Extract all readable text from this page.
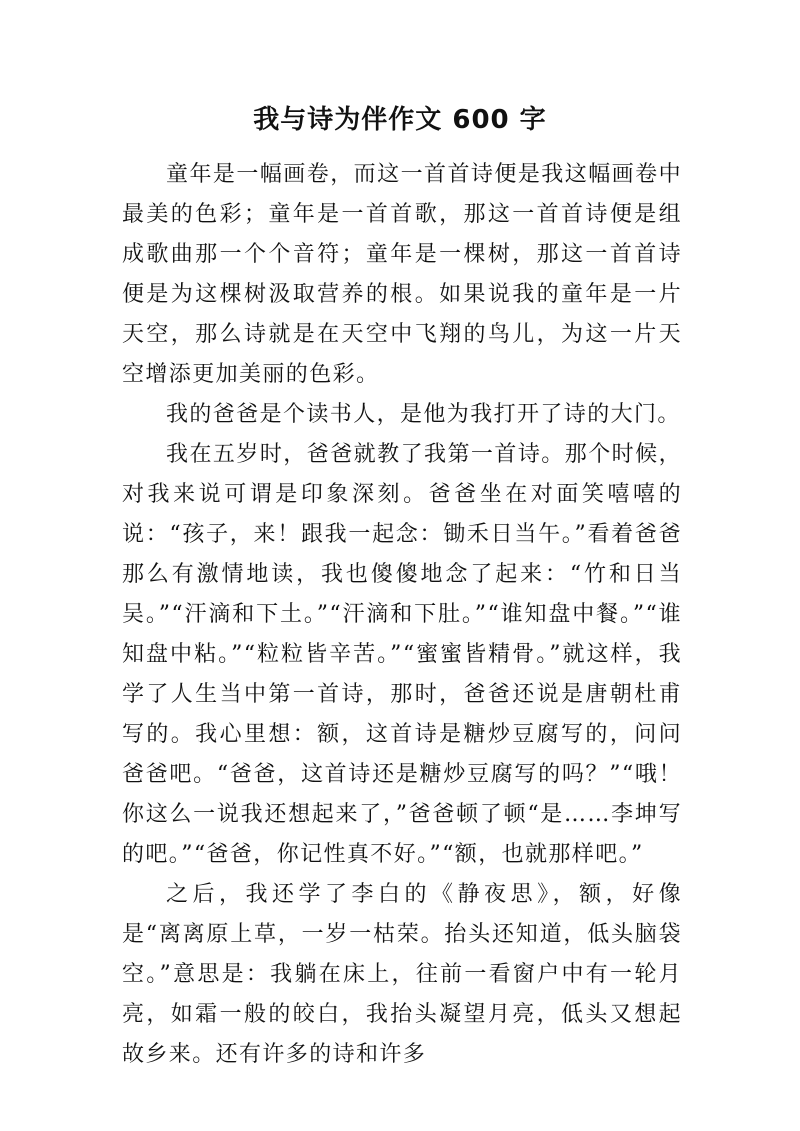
我与诗为伴作文 600 字

童年是一幅画卷，而这一首首诗便是我这幅画卷中最美的色彩；童年是一首首歌，那这一首首诗便是组成歌曲那一个个音符；童年是一棵树，那这一首首诗便是为这棵树汲取营养的根。如果说我的童年是一片天空，那么诗就是在天空中飞翔的鸟儿，为这一片天空增添更加美丽的色彩。

我的爸爸是个读书人，是他为我打开了诗的大门。

我在五岁时，爸爸就教了我第一首诗。那个时候，对我来说可谓是印象深刻。爸爸坐在对面笑嘻嘻的说：“孩子，来！跟我一起念：锄禾日当午。”看着爸爸那么有激情地读，我也傻傻地念了起来：“竹和日当吴。”“汗滴和下土。”“汗滴和下肚。”“谁知盘中餐。”“谁知盘中粘。”“粒粒皆辛苦。”“蜜蜜皆精骨。”就这样，我学了人生当中第一首诗，那时，爸爸还说是唐朝杜甫写的。我心里想：额，这首诗是糖炒豆腐写的，问问爸爸吧。“爸爸，这首诗还是糖炒豆腐写的吗？”“哦！你这么一说我还想起来了，”爸爸顿了顿“是……李坤写的吧。”“爸爸，你记性真不好。”“额，也就那样吧。”

之后，我还学了李白的《静夜思》，额，好像是“离离原上草，一岁一枯荣。抬头还知道，低头脑袋空。”意思是：我躺在床上，往前一看窗户中有一轮月亮，如霜一般的皎白，我抬头凝望月亮，低头又想起故乡来。还有许多的诗和许多
